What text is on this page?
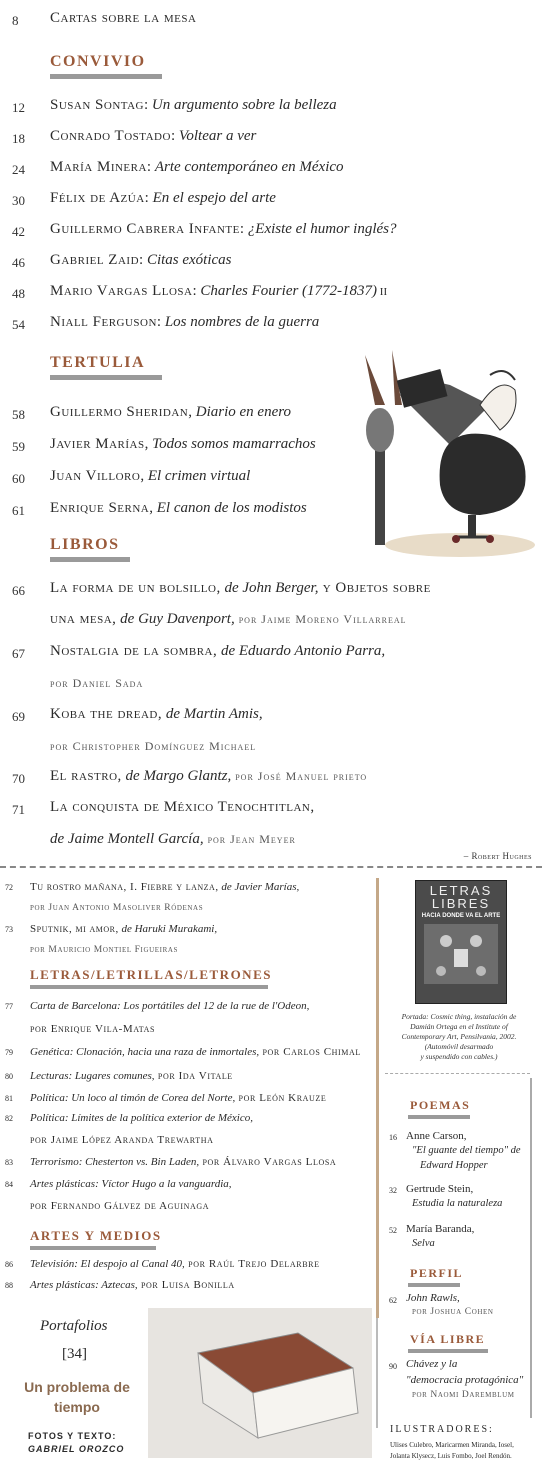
8 Cartas sobre la mesa
CONVIVIO
12 Susan Sontag: Un argumento sobre la belleza
18 Conrado Tostado: Voltear a ver
24 María Minera: Arte contemporáneo en México
30 Félix de Azúa: En el espejo del arte
42 Guillermo Cabrera Infante: ¿Existe el humor inglés?
46 Gabriel Zaid: Citas exóticas
48 Mario Vargas Llosa: Charles Fourier (1772-1837) II
54 Niall Ferguson: Los nombres de la guerra
TERTULIA
58 Guillermo Sheridan, Diario en enero
59 Javier Marías, Todos somos mamarrachos
60 Juan Villoro, El crimen virtual
61 Enrique Serna, El canon de los modistos
LIBROS
66 La forma de un bolsillo, de John Berger, y Objetos sobre
una mesa, de Guy Davenport, por Jaime Moreno Villarreal
67 Nostalgia de la sombra, de Eduardo Antonio Parra,
por Daniel Sada
69 Koba the dread, de Martin Amis,
por Christopher Domínguez Michael
70 El rastro, de Margo Glantz, por José Manuel prieto
71 La conquista de México Tenochtitlan,
de Jaime Montell García, por Jean Meyer
– Robert Hughes
72 Tu rostro mañana, I. Fiebre y lanza, de Javier Marías,
por Juan Antonio Masoliver Ródenas
73 Sputnik, mi amor, de Haruki Murakami,
por Mauricio Montiel Figueiras
LETRAS/LETRILLAS/LETRONES
77 Carta de Barcelona: Los portátiles del 12 de la rue de l'Odeon,
por Enrique Vila-Matas
79 Genética: Clonación, hacia una raza de inmortales, por Carlos Chimal
80 Lecturas: Lugares comunes, por Ida Vitale
81 Política: Un loco al timón de Corea del Norte, por León Krauze
82 Política: Límites de la política exterior de México,
por Jaime López Aranda Trewartha
83 Terrorismo: Chesterton vs. Bin Laden, por Álvaro Vargas Llosa
84 Artes plásticas: Víctor Hugo a la vanguardia,
por Fernando Gálvez de Aguinaga
ARTES Y MEDIOS
86 Televisión: El despojo al Canal 40, por Raúl Trejo Delarbre
88 Artes plásticas: Aztecas, por Luisa Bonilla
Portafolios
[34]
Un problema de tiempo
FOTOS Y TEXTO:
GABRIEL OROZCO
LETRAS
LIBRES
HACIA DONDE VA EL ARTE
Portada: Cosmic thing, instalación de
Damián Ortega en el Institute of
Contemporary Art, Pensilvania, 2002.
(Automóvil desarmado
y suspendido con cables.)
POEMAS
16 Anne Carson,
"El guante del tiempo" de
Edward Hopper
32 Gertrude Stein,
Estudia la naturaleza
52 María Baranda,
Selva
PERFIL
62 John Rawls,
por Joshua Cohen
VÍA LIBRE
90 Chávez y la
"democracia protagónica"
por Naomi Daremblum
ILUSTRADORES:
Ulises Culebro, Maricarmen Miranda, Iosel,
Jolanta Klysecz, Luis Fombo, Joel Rendón.
